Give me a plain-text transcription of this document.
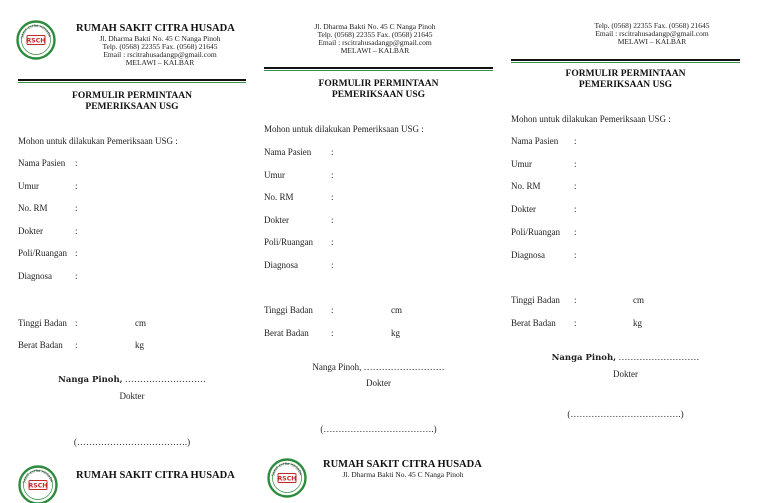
SAKIT CITRA HUSADA
RSCH
RUMAH SAKIT CITRA HUSADA
Jl. Dharma Bakti No. 45 C Nanga Pinoh
Telp. (0568) 22355 Fax. (0568) 21645
Email : rscitrahusadangp@gmail.com
MELAWI – KALBAR
FORMULIR PERMINTAAN
PEMERIKSAAN USG
Mohon untuk dilakukan Pemeriksaan USG :
Nanga Pinoh, ………………………
Dokter
(……………………………….)
SAKIT CITRA HUSADA
RSCH
RUMAH SAKIT CITRA HUSADA
Nama Pasien :
Umur	:
No. RM	:
Dokter	:
Poli/Ruangan :
Diagnosa	:
Tinggi Badan :	cm
Berat Badan :	kg
Jl. Dharma Bakti No. 45 C Nanga Pinoh
Telp. (0568) 22355 Fax. (0568) 21645
Email : rscitrahusadangp@gmail.com
MELAWI – KALBAR
FORMULIR PERMINTAAN
PEMERIKSAAN USG
Mohon untuk dilakukan Pemeriksaan USG :
Nanga Pinoh, ………………………
Dokter
(……………………………….)
SAKIT CITRA HUSADA
RSCH
RUMAH SAKIT CITRA HUSADA
Jl. Dharma Bakti No. 45 C Nanga Pinoh
Nama Pasien :
Umur	:
No. RM	:
Dokter	:
Poli/Ruangan :
Diagnosa	:
Tinggi Badan :	cm
Berat Badan :	kg
Telp. (0568) 22355 Fax. (0568) 21645
Email : rscitrahusadangp@gmail.com
MELAWI – KALBAR
FORMULIR PERMINTAAN
PEMERIKSAAN USG
Mohon untuk dilakukan Pemeriksaan USG :
Nanga Pinoh, ………………………
Dokter
(……………………………….)
Nama Pasien :
Umur	:
No. RM	:
Dokter	:
Poli/Ruangan :
Diagnosa	:
Tinggi Badan :	cm
Berat Badan :	kg
